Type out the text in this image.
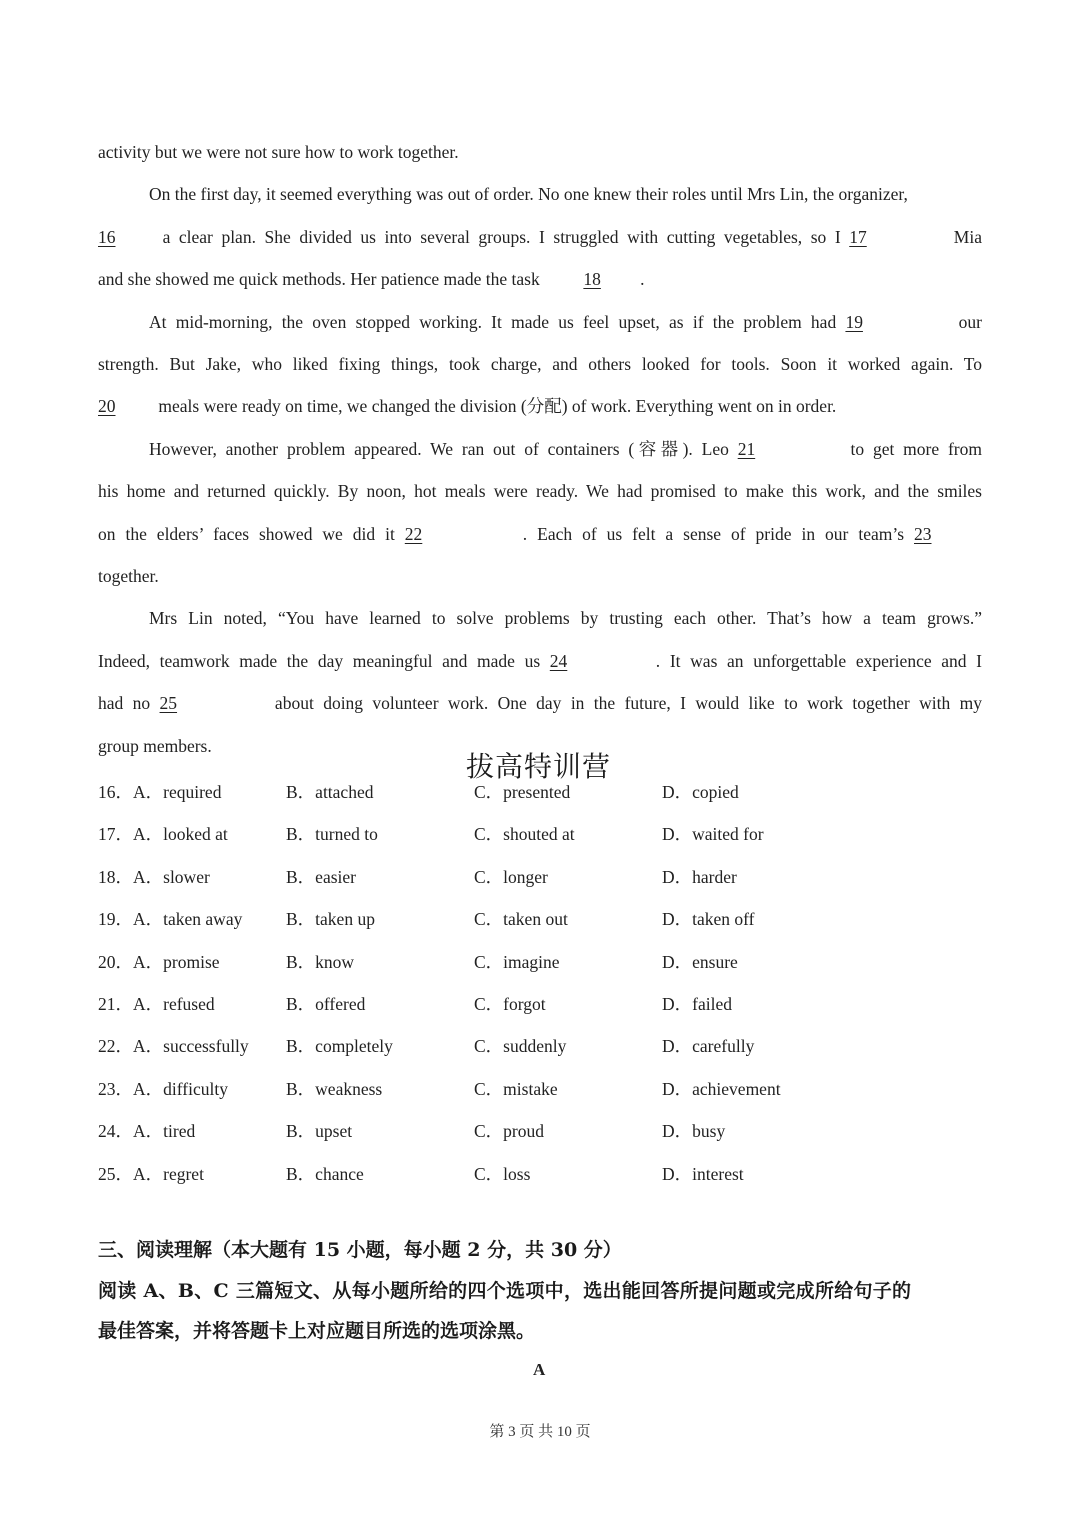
activity but we were not sure how to work together.
On the first day, it seemed everything was out of order. No one knew their roles until Mrs Lin, the organizer,
16 a clear plan. She divided us into several groups. I struggled with cutting vegetables, so I 17	Mia
and she showed me quick methods. Her patience made the task 18 .
At mid-morning, the oven stopped working. It made us feel upset, as if the problem had 19	our
strength. But Jake, who liked fixing things, took charge, and others looked for tools. Soon it worked again. To
20 meals were ready on time, we changed the division (分配) of work. Everything went on in order.
However, another problem appeared. We ran out of containers (容器). Leo 21	to get more from
his home and returned quickly. By noon, hot meals were ready. We had promised to make this work, and the smiles
on the elders’ faces showed we did it 22	. Each of us felt a sense of pride in our team’s 23
together.
Mrs Lin noted, “You have learned to solve problems by trusting each other. That’s how a team grows.”
Indeed, teamwork made the day meaningful and made us 24	. It was an unforgettable experience and I
had no 25	about doing volunteer work. One day in the future, I would like to work together with my
group members.
拔高特训营
16．A．required	B．attached	C．presented	D．copied
17．A．looked at	B．turned to	C．shouted at	D．waited for
18．A．slower	B．easier	C．longer	D．harder
19．A．taken away B．taken up	C．taken out	D．taken off
20．A．promise	B．know	C．imagine	D．ensure
21．A．refused	B．offered	C．forgot	D．failed
22．A．successfully B．completely	C．suddenly	D．carefully
23．A．difficulty	B．weakness	C．mistake	D．achievement
24．A．tired	B．upset	C．proud	D．busy
25．A．regret	B．chance	C．loss	D．interest
三、阅读理解（本大题有 15 小题，每小题 2 分，共 30 分）
阅读 A、B、C 三篇短文、从每小题所给的四个选项中，选出能回答所提问题或完成所给句子的
最佳答案，并将答题卡上对应题目所选的选项涂黑。
A
第 3 页 共 10 页
